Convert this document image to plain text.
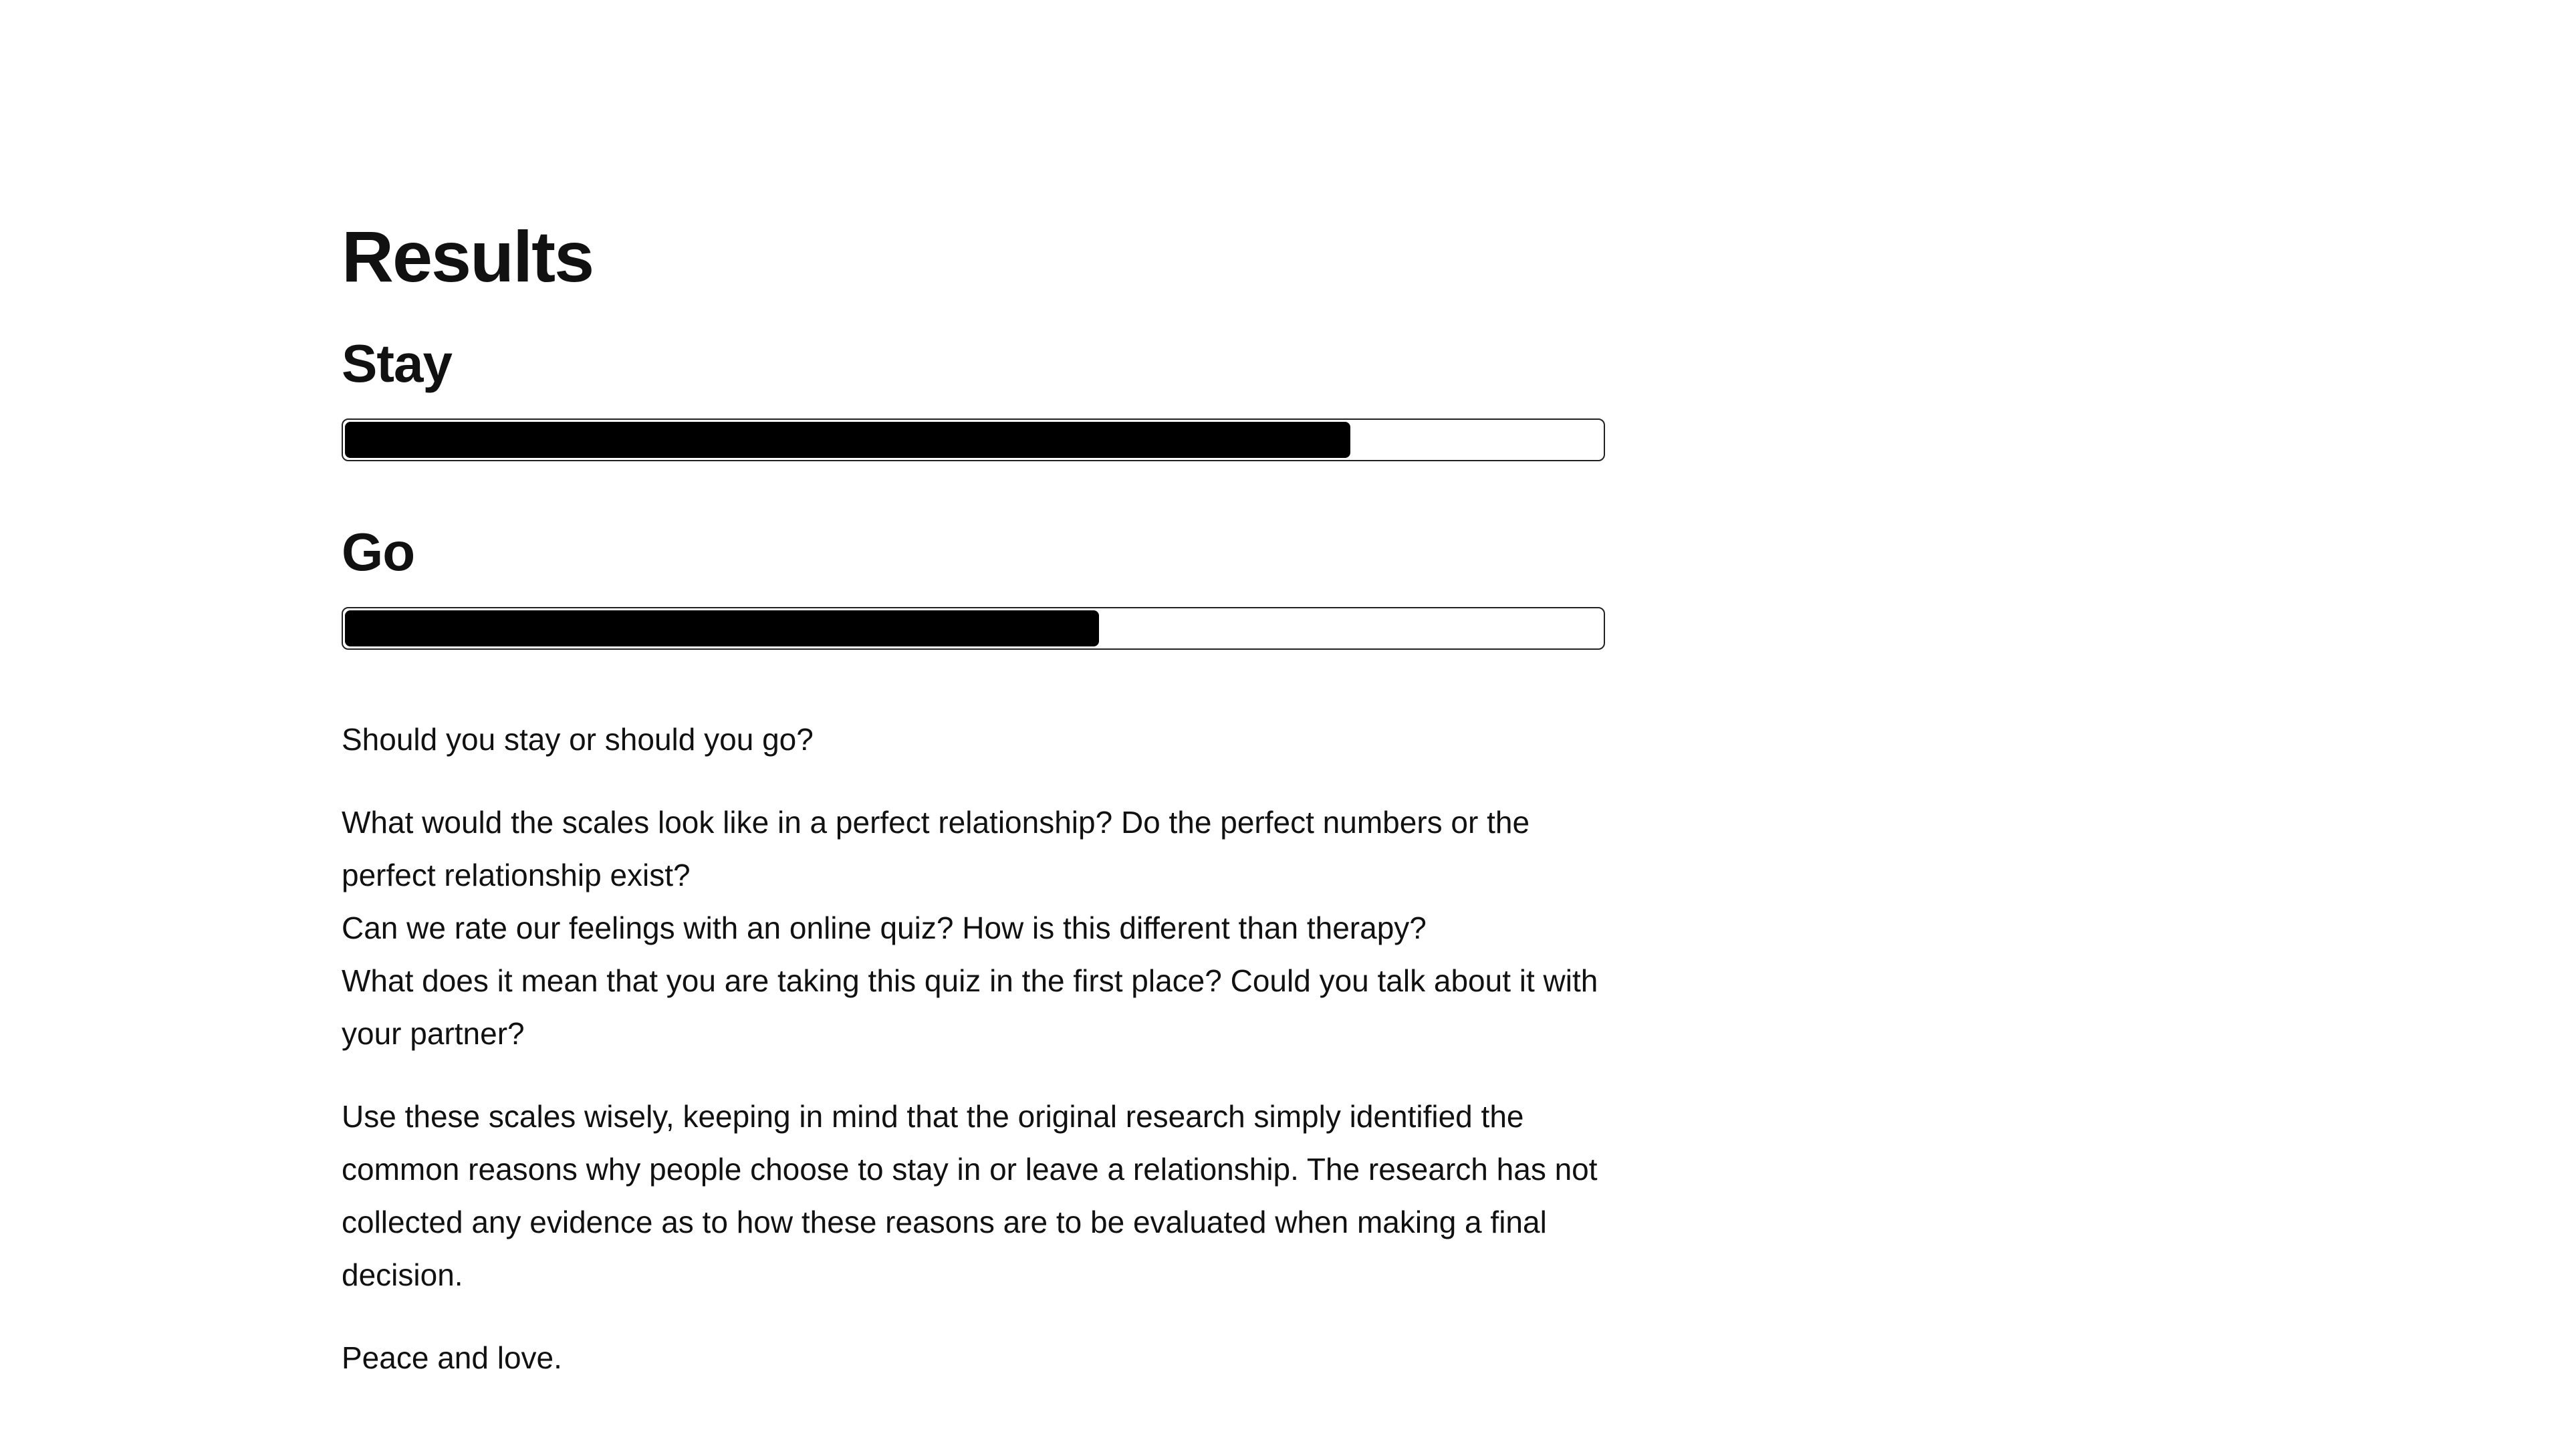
Results
Stay
Go

Should you stay or should you go?

What would the scales look like in a perfect relationship? Do the perfect numbers or the perfect relationship exist?
Can we rate our feelings with an online quiz? How is this different than therapy?
What does it mean that you are taking this quiz in the first place? Could you talk about it with your partner?

Use these scales wisely, keeping in mind that the original research simply identified the common reasons why people choose to stay in or leave a relationship. The research has not collected any evidence as to how these reasons are to be evaluated when making a final decision.

Peace and love.
